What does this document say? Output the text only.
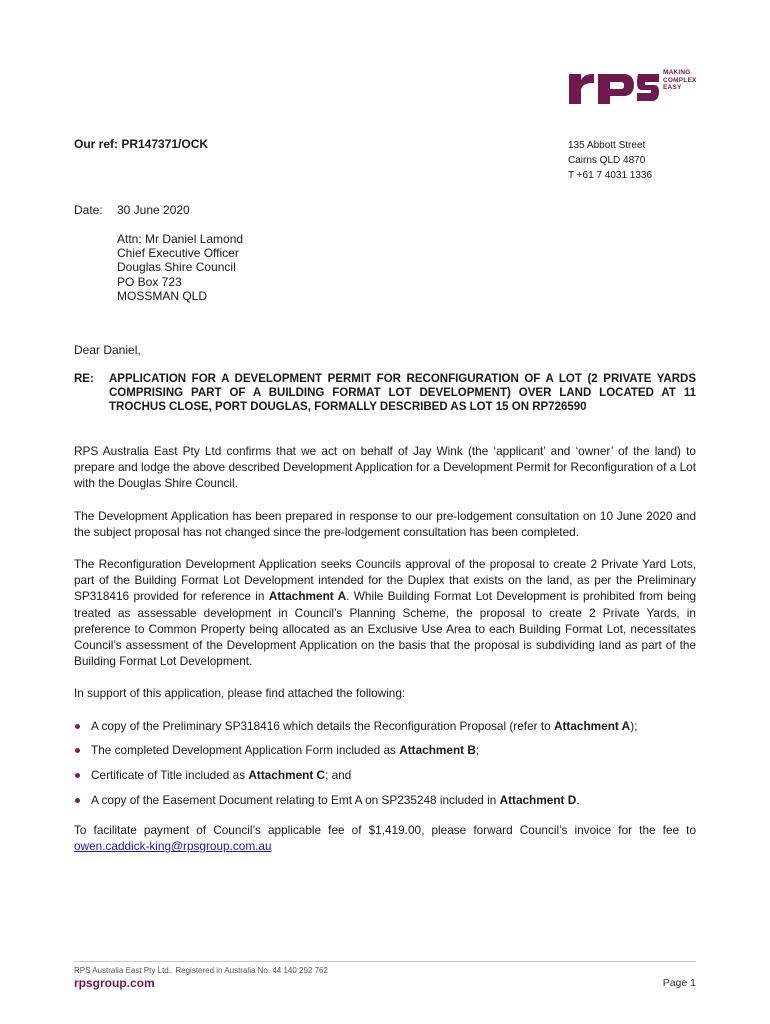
MAKING
COMPLEX
EASY
Our ref: PR147371/OCK	135 Abbott Street
Cairns QLD 4870
T +61 7 4031 1336
Date: 30 June 2020
Attn: Mr Daniel Lamond
Chief Executive Officer
Douglas Shire Council
PO Box 723
MOSSMAN QLD
Dear Daniel,
RE: APPLICATION FOR A DEVELOPMENT PERMIT FOR RECONFIGURATION OF A LOT (2 PRIVATE YARDS COMPRISING PART OF A BUILDING FORMAT LOT DEVELOPMENT) OVER LAND LOCATED AT 11 TROCHUS CLOSE, PORT DOUGLAS, FORMALLY DESCRIBED AS LOT 15 ON RP726590

RPS Australia East Pty Ltd confirms that we act on behalf of Jay Wink (the ‘applicant’ and ‘owner’ of the land) to prepare and lodge the above described Development Application for a Development Permit for Reconfiguration of a Lot with the Douglas Shire Council.

The Development Application has been prepared in response to our pre-lodgement consultation on 10 June 2020 and the subject proposal has not changed since the pre-lodgement consultation has been completed.

The Reconfiguration Development Application seeks Councils approval of the proposal to create 2 Private Yard Lots, part of the Building Format Lot Development intended for the Duplex that exists on the land, as per the Preliminary SP318416 provided for reference in Attachment A. While Building Format Lot Development is prohibited from being treated as assessable development in Council’s Planning Scheme, the proposal to create 2 Private Yards, in preference to Common Property being allocated as an Exclusive Use Area to each Building Format Lot, necessitates Council’s assessment of the Development Application on the basis that the proposal is subdividing land as part of the Building Format Lot Development.

In support of this application, please find attached the following:

A copy of the Preliminary SP318416 which details the Reconfiguration Proposal (refer to Attachment A);
The completed Development Application Form included as Attachment B;
Certificate of Title included as Attachment C; and
A copy of the Easement Document relating to Emt A on SP235248 included in Attachment D.

To facilitate payment of Council’s applicable fee of $1,419.00, please forward Council’s invoice for the fee to owen.caddick-king@rpsgroup.com.au

RPS Australia East Pty Ltd.. Registered in Australia No. 44 140 292 762
rpsgroup.com	Page 1
